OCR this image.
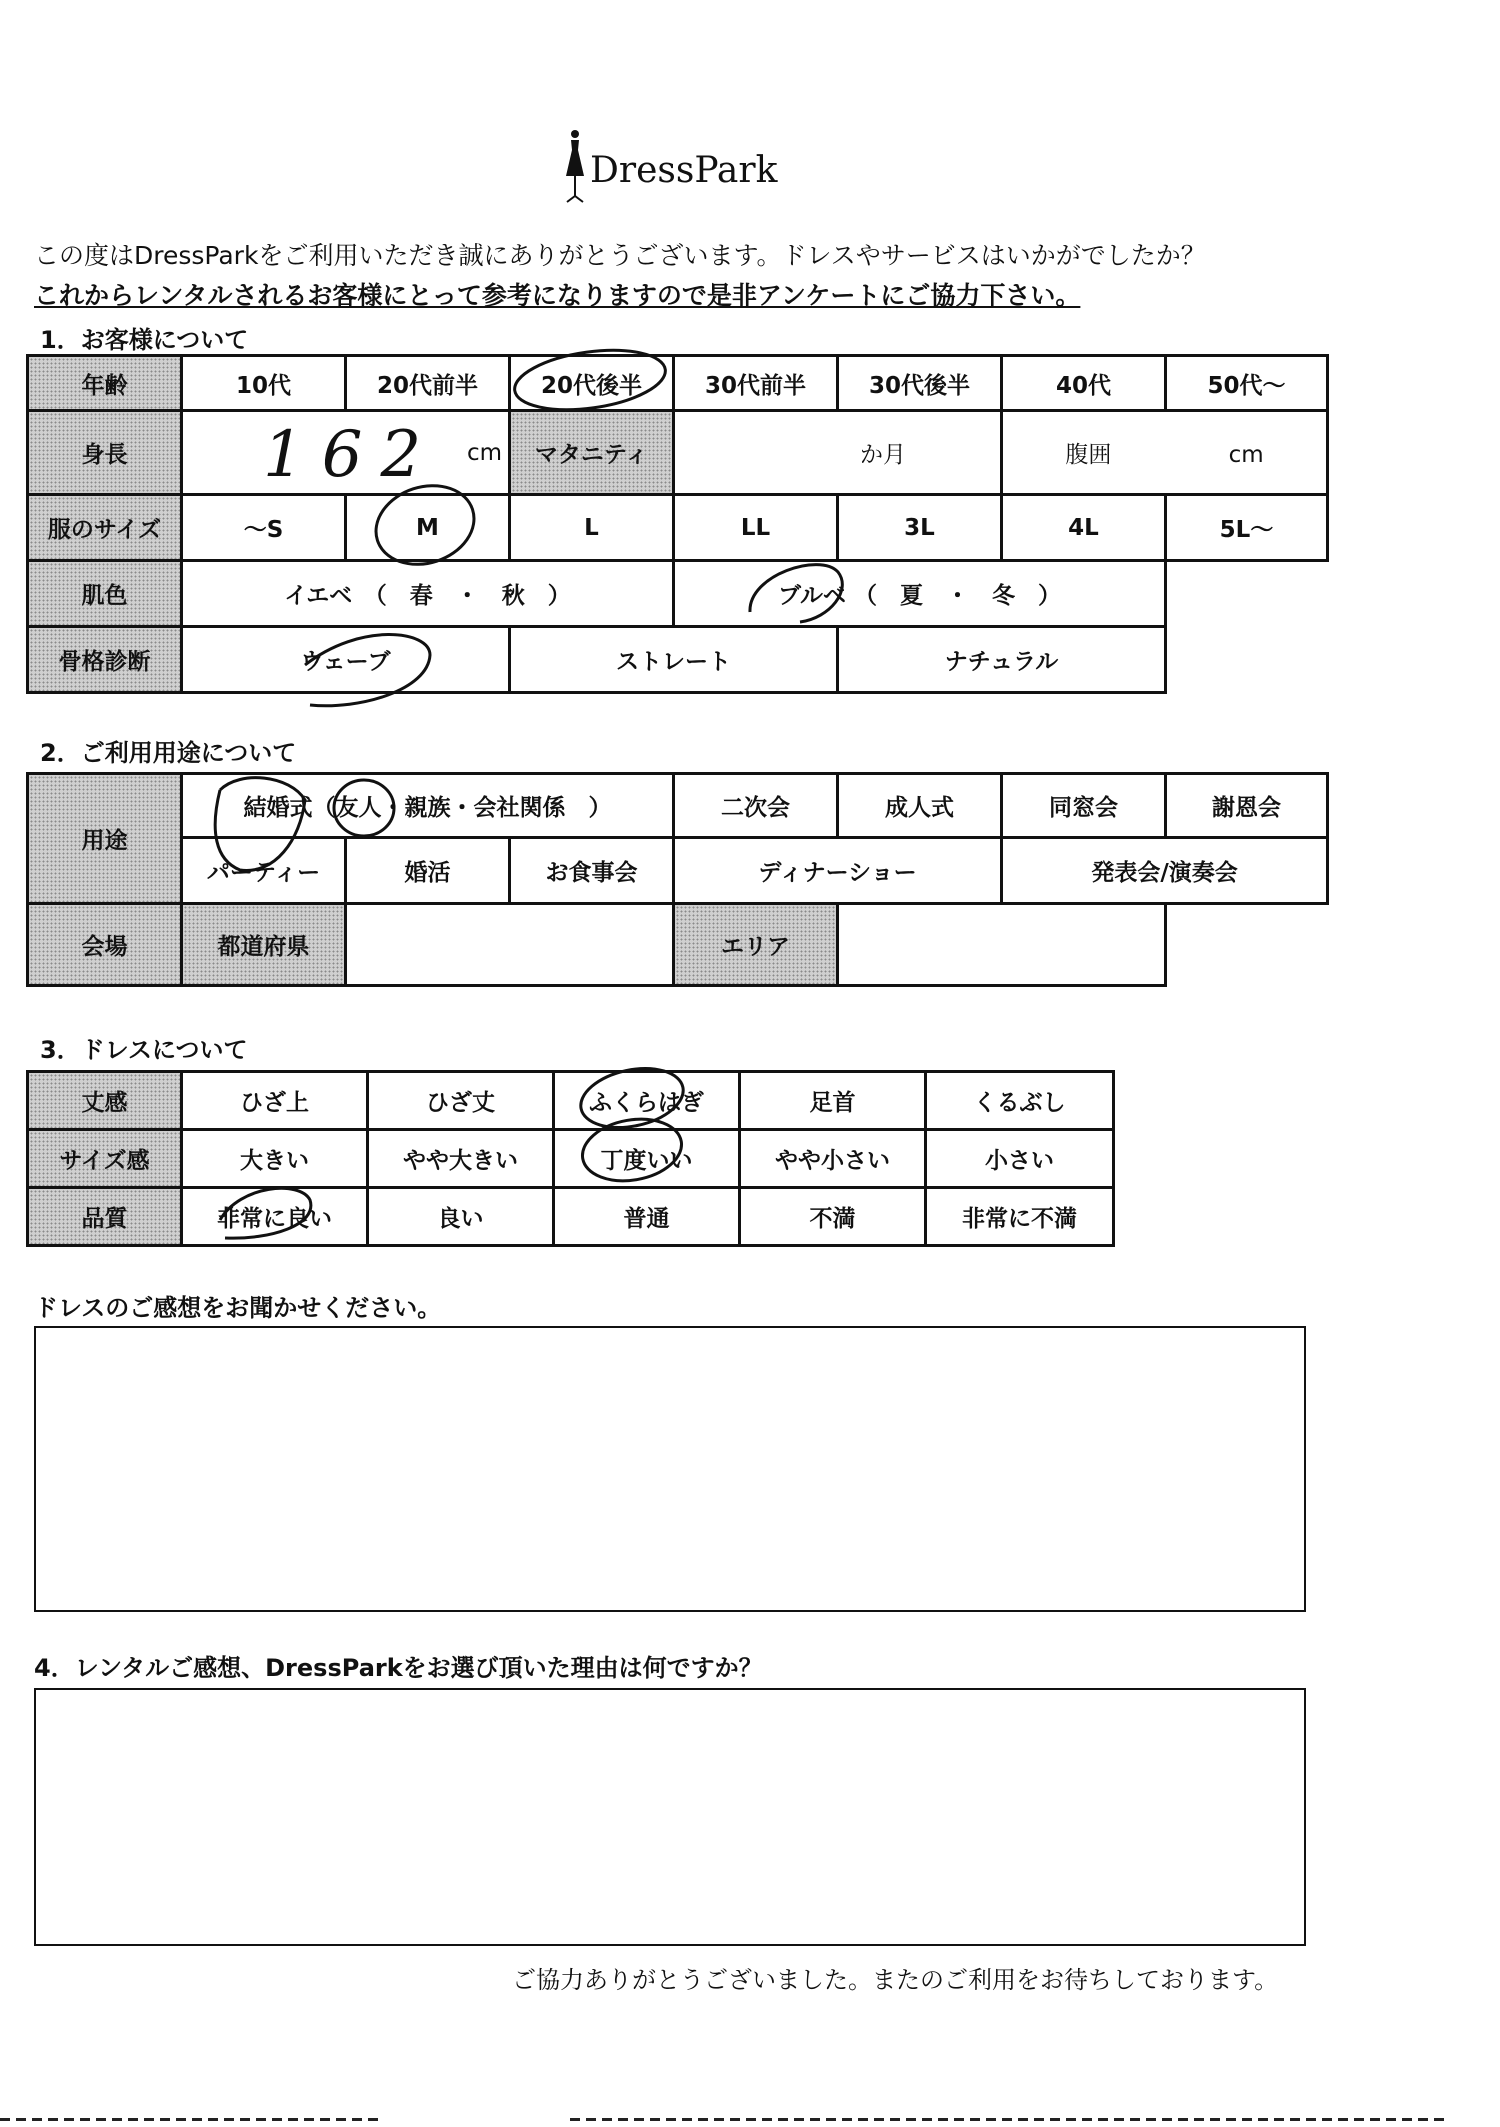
DressPark
この度はDressParkをご利用いただき誠にありがとうございます。ドレスやサービスはいかがでしたか？
これからレンタルされるお客様にとって参考になりますので是非アンケートにご協力下さい。
1．お客様について
年齢	10代	20代前半	20代後半	30代前半	30代後半	40代	50代～
身長	162 cm		マタニティ	か月		腹囲 cm	
服のサイズ	～S	M	L	LL	3L	4L	5L～
肌色	イエベ　（　春　・　秋　）			ブルベ （　夏　・　冬　）			
骨格診断	ウェーブ		ストレート		ナチュラル		
2．ご利用用途について
用途	結婚式（友人・親族・会社関係　）			二次会	成人式	同窓会	謝恩会
	パーティー	婚活	お食事会	ディナーショー		発表会/演奏会	
会場	都道府県			エリア			
3．ドレスについて
丈感	ひざ上	ひざ丈	ふくらはぎ	足首	くるぶし
サイズ感	大きい	やや大きい	丁度いい	やや小さい	小さい
品質	非常に良い	良い	普通	不満	非常に不満
ドレスのご感想をお聞かせください。
4．レンタルご感想、DressParkをお選び頂いた理由は何ですか？
ご協力ありがとうございました。またのご利用をお待ちしております。
